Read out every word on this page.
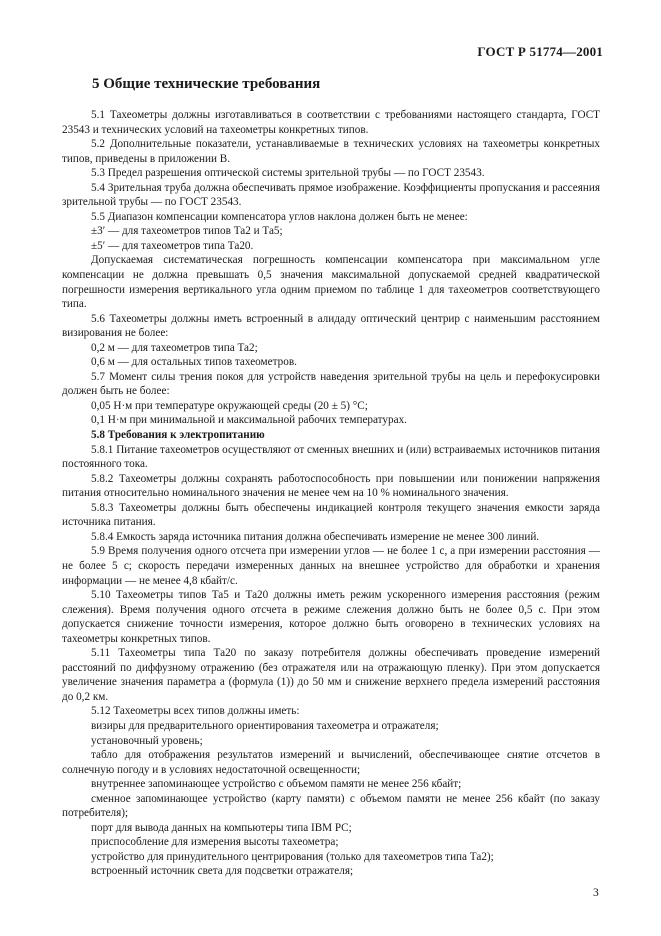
ГОСТ Р 51774—2001
5 Общие технические требования

5.1 Тахеометры должны изготавливаться в соответствии с требованиями настоящего стандарта, ГОСТ 23543 и технических условий на тахеометры конкретных типов.

5.2 Дополнительные показатели, устанавливаемые в технических условиях на тахеометры конкретных типов, приведены в приложении В.

5.3 Предел разрешения оптической системы зрительной трубы — по ГОСТ 23543.

5.4 Зрительная труба должна обеспечивать прямое изображение. Коэффициенты пропускания и рассеяния зрительной трубы — по ГОСТ 23543.

5.5 Диапазон компенсации компенсатора углов наклона должен быть не менее:

±3′ — для тахеометров типов Та2 и Та5;

±5′ — для тахеометров типа Та20.

Допускаемая систематическая погрешность компенсации компенсатора при максимальном угле компенсации не должна превышать 0,5 значения максимальной допускаемой средней квадратической погрешности измерения вертикального угла одним приемом по таблице 1 для тахеометров соответствующего типа.

5.6 Тахеометры должны иметь встроенный в алидаду оптический центрир с наименьшим расстоянием визирования не более:

0,2 м — для тахеометров типа Та2;

0,6 м — для остальных типов тахеометров.

5.7 Момент силы трения покоя для устройств наведения зрительной трубы на цель и перефокусировки должен быть не более:

0,05 Н·м при температуре окружающей среды (20 ± 5) °С;

0,1 Н·м при минимальной и максимальной рабочих температурах.

5.8 Требования к электропитанию

5.8.1 Питание тахеометров осуществляют от сменных внешних и (или) встраиваемых источников питания постоянного тока.

5.8.2 Тахеометры должны сохранять работоспособность при повышении или понижении напряжения питания относительно номинального значения не менее чем на 10 % номинального значения.

5.8.3 Тахеометры должны быть обеспечены индикацией контроля текущего значения емкости заряда источника питания.

5.8.4 Емкость заряда источника питания должна обеспечивать измерение не менее 300 линий.

5.9 Время получения одного отсчета при измерении углов — не более 1 с, а при измерении расстояния — не более 5 с; скорость передачи измеренных данных на внешнее устройство для обработки и хранения информации — не менее 4,8 кбайт/с.

5.10 Тахеометры типов Та5 и Та20 должны иметь режим ускоренного измерения расстояния (режим слежения). Время получения одного отсчета в режиме слежения должно быть не более 0,5 с. При этом допускается снижение точности измерения, которое должно быть оговорено в технических условиях на тахеометры конкретных типов.

5.11 Тахеометры типа Та20 по заказу потребителя должны обеспечивать проведение измерений расстояний по диффузному отражению (без отражателя или на отражающую пленку). При этом допускается увеличение значения параметра a (формула (1)) до 50 мм и снижение верхнего предела измерений расстояния до 0,2 км.

5.12 Тахеометры всех типов должны иметь:

визиры для предварительного ориентирования тахеометра и отражателя;

установочный уровень;

табло для отображения результатов измерений и вычислений, обеспечивающее снятие отсчетов в солнечную погоду и в условиях недостаточной освещенности;

внутреннее запоминающее устройство с объемом памяти не менее 256 кбайт;

сменное запоминающее устройство (карту памяти) с объемом памяти не менее 256 кбайт (по заказу потребителя);

порт для вывода данных на компьютеры типа IBM PC;

приспособление для измерения высоты тахеометра;

устройство для принудительного центрирования (только для тахеометров типа Та2);

встроенный источник света для подсветки отражателя;

3
